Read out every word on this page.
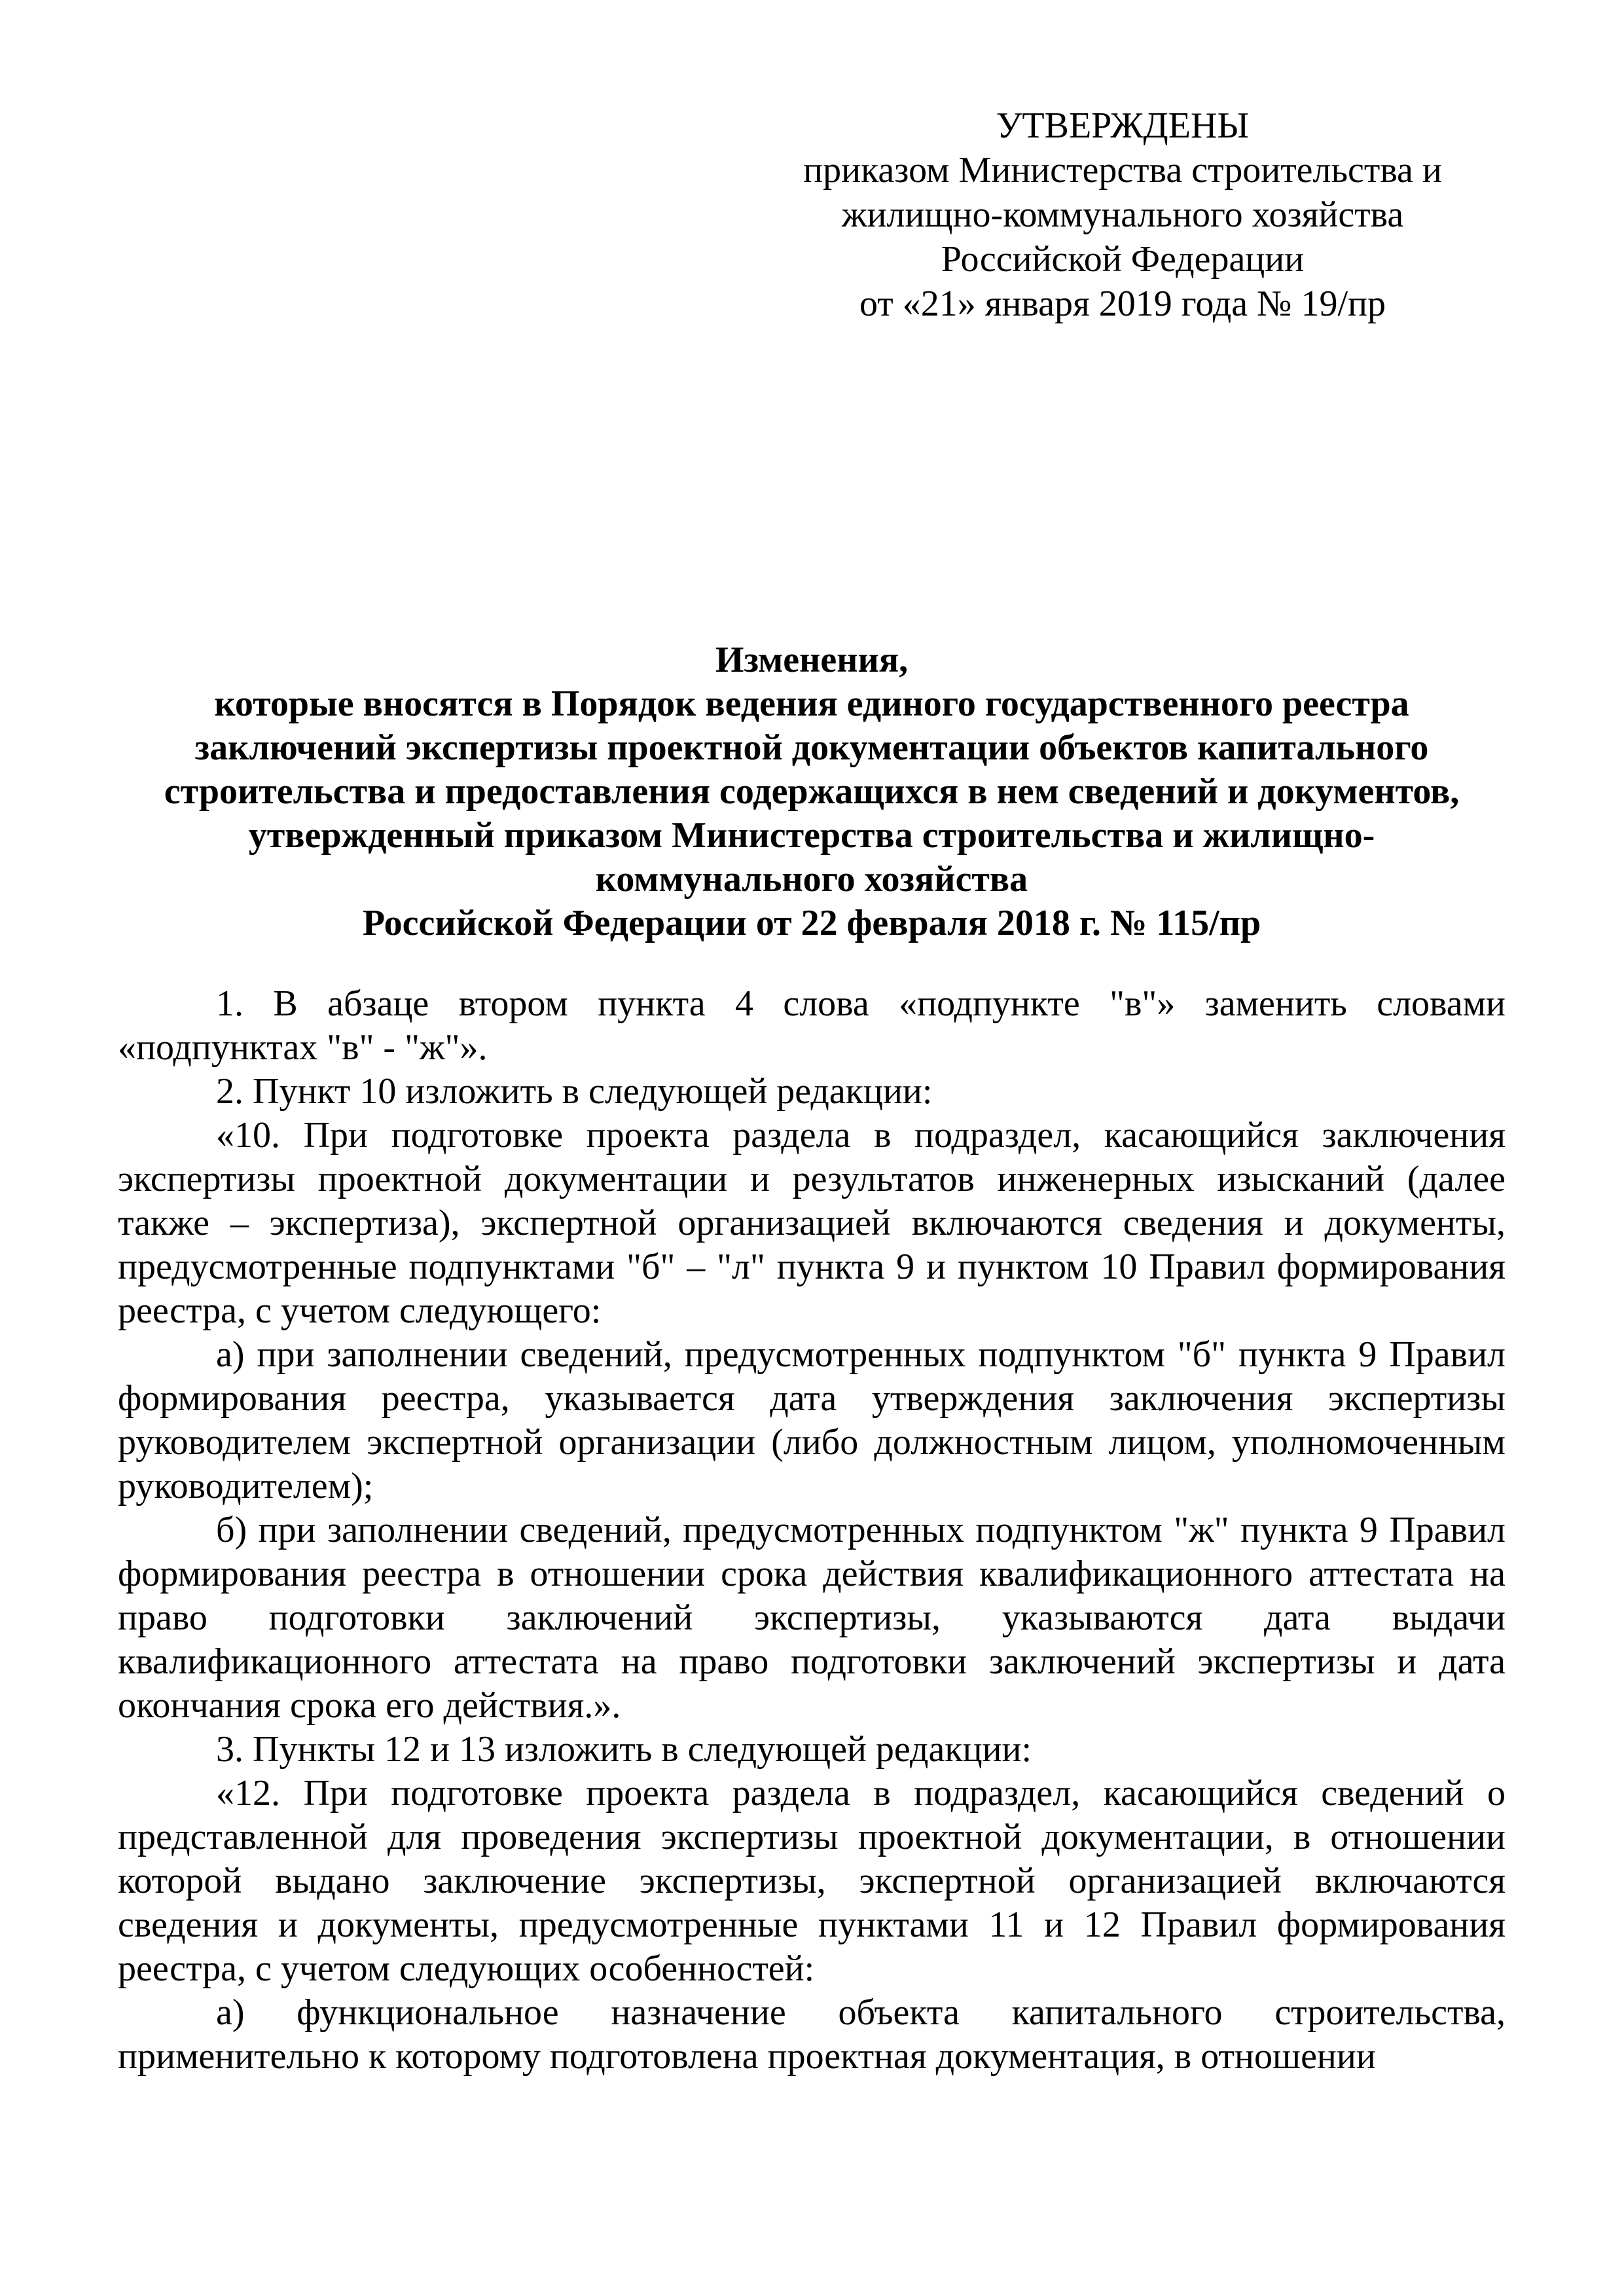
УТВЕРЖДЕНЫ
приказом Министерства строительства и
жилищно-коммунального хозяйства
Российской Федерации
от «21» января 2019 года № 19/пр
Изменения,
которые вносятся в Порядок ведения единого государственного реестра
заключений экспертизы проектной документации объектов капитального
строительства и предоставления содержащихся в нем сведений и документов,
утвержденный приказом Министерства строительства и жилищно-
коммунального хозяйства
Российской Федерации от 22 февраля 2018 г. № 115/пр

1. В абзаце втором пункта 4 слова «подпункте "в"» заменить словами «подпунктах "в" - "ж"».

2. Пункт 10 изложить в следующей редакции:

«10. При подготовке проекта раздела в подраздел, касающийся заключения экспертизы проектной документации и результатов инженерных изысканий (далее также – экспертиза), экспертной организацией включаются сведения и документы, предусмотренные подпунктами "б" – "л" пункта 9 и пунктом 10 Правил формирования реестра, с учетом следующего:

а) при заполнении сведений, предусмотренных подпунктом "б" пункта 9 Правил формирования реестра, указывается дата утверждения заключения экспертизы руководителем экспертной организации (либо должностным лицом, уполномоченным руководителем);

б) при заполнении сведений, предусмотренных подпунктом "ж" пункта 9 Правил формирования реестра в отношении срока действия квалификационного аттестата на право подготовки заключений экспертизы, указываются дата выдачи квалификационного аттестата на право подготовки заключений экспертизы и дата окончания срока его действия.».

3. Пункты 12 и 13 изложить в следующей редакции:

«12. При подготовке проекта раздела в подраздел, касающийся сведений о представленной для проведения экспертизы проектной документации, в отношении которой выдано заключение экспертизы, экспертной организацией включаются сведения и документы, предусмотренные пунктами 11 и 12 Правил формирования реестра, с учетом следующих особенностей:

а) функциональное назначение объекта капитального строительства, применительно к которому подготовлена проектная документация, в отношении
